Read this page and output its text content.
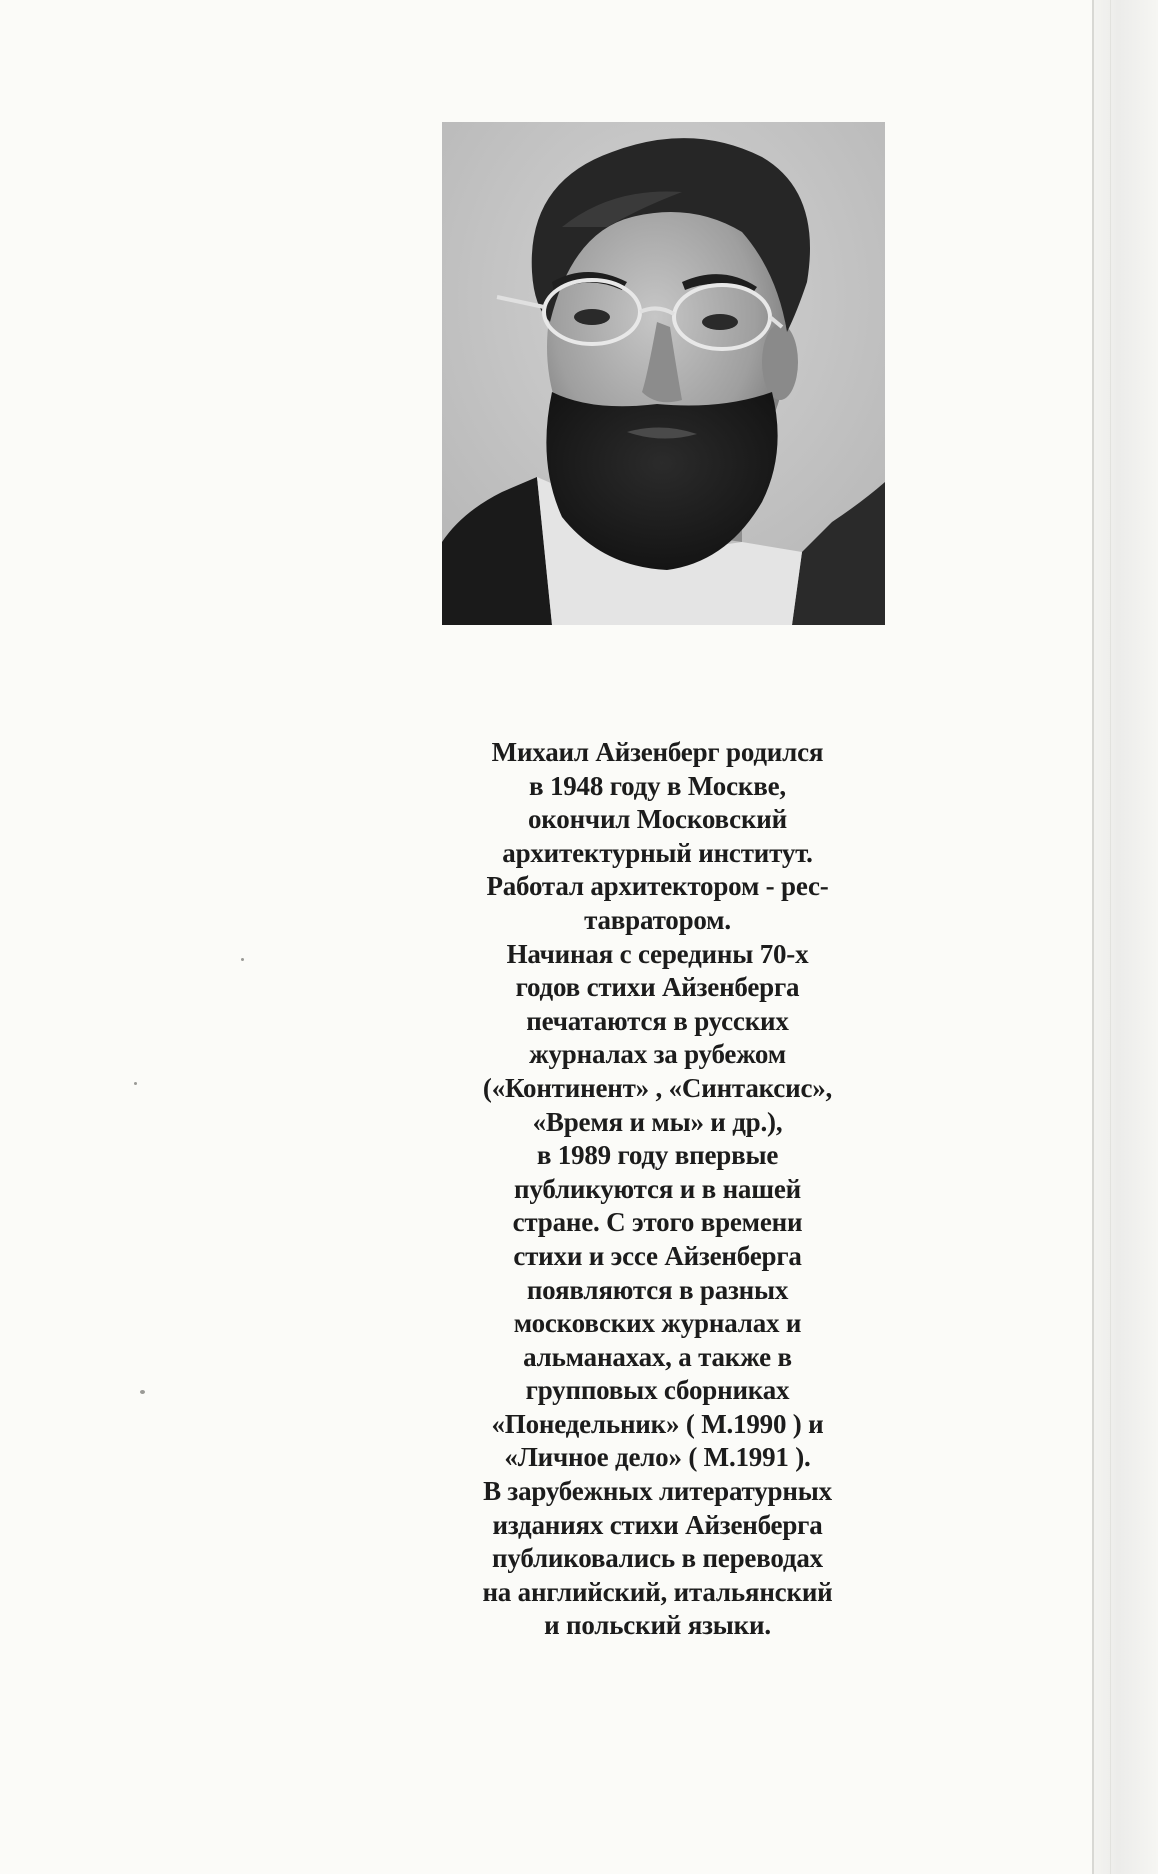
Михаил Айзенберг родился
в 1948 году в Москве,
окончил Московский
архитектурный институт.
Работал архитектором - рес-
тавратором.
Начиная с середины 70-х
годов стихи Айзенберга
печатаются в русских
журналах за рубежом
(«Континент» , «Синтаксис»,
«Время и мы» и др.),
в 1989 году впервые
публикуются и в нашей
стране. С этого времени
стихи и эссе Айзенберга
появляются в разных
московских журналах и
альманахах, а также в
групповых сборниках
«Понедельник» ( М.1990 ) и
«Личное дело» ( М.1991 ).
В зарубежных литературных
изданиях стихи Айзенберга
публиковались в переводах
на английский, итальянский
и польский языки.
